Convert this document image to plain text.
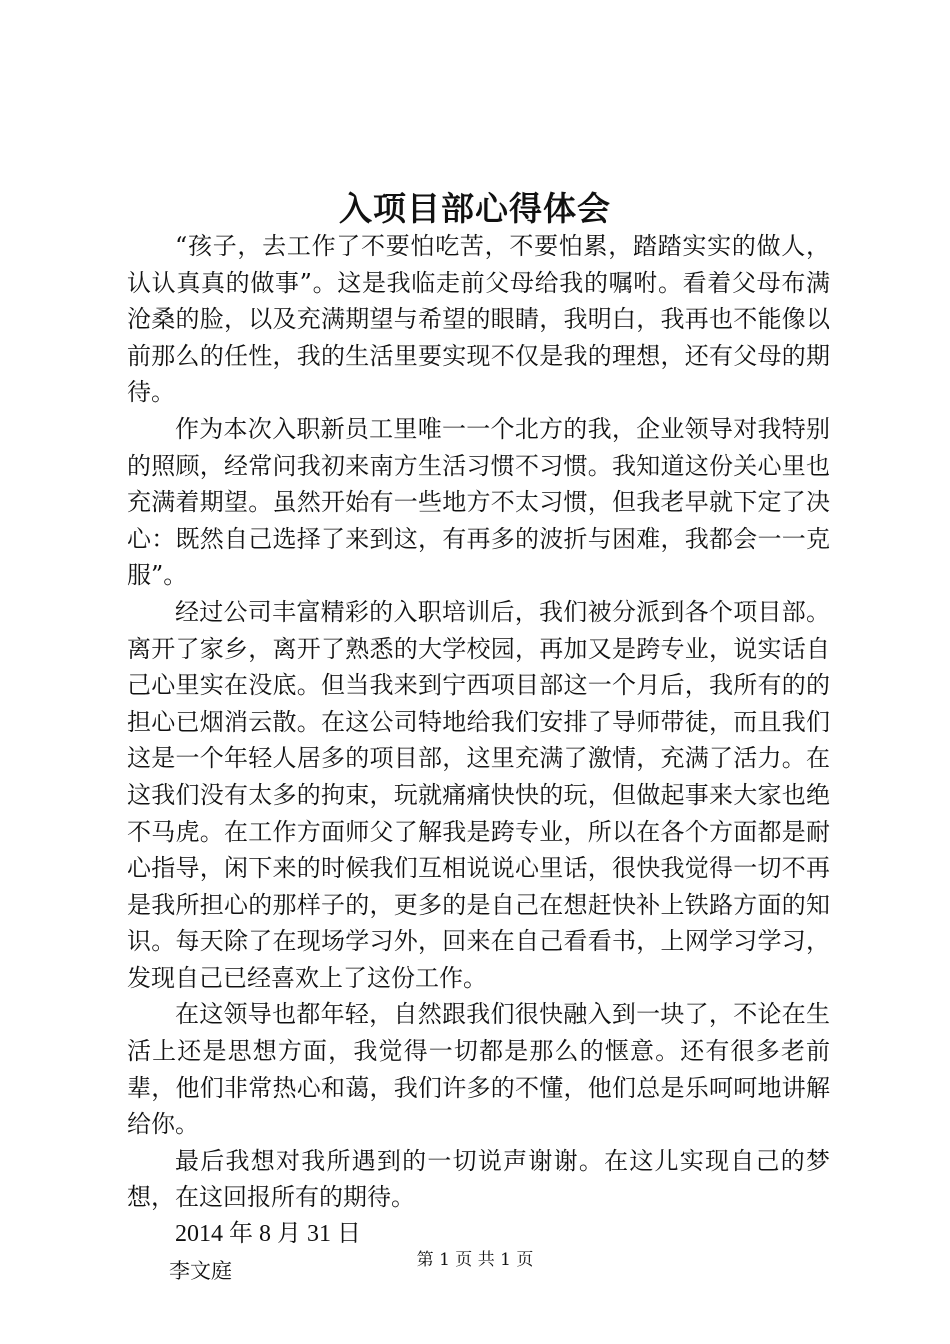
入项目部心得体会

“孩子，去工作了不要怕吃苦，不要怕累，踏踏实实的做人，认认真真的做事”。这是我临走前父母给我的嘱咐。看着父母布满沧桑的脸，以及充满期望与希望的眼睛，我明白，我再也不能像以前那么的任性，我的生活里要实现不仅是我的理想，还有父母的期待。

作为本次入职新员工里唯一一个北方的我，企业领导对我特别的照顾，经常问我初来南方生活习惯不习惯。我知道这份关心里也充满着期望。虽然开始有一些地方不太习惯，但我老早就下定了决心：既然自己选择了来到这，有再多的波折与困难，我都会一一克服”。

经过公司丰富精彩的入职培训后，我们被分派到各个项目部。离开了家乡，离开了熟悉的大学校园，再加又是跨专业，说实话自己心里实在没底。但当我来到宁西项目部这一个月后，我所有的的担心已烟消云散。在这公司特地给我们安排了导师带徒，而且我们这是一个年轻人居多的项目部，这里充满了激情，充满了活力。在这我们没有太多的拘束，玩就痛痛快快的玩，但做起事来大家也绝不马虎。在工作方面师父了解我是跨专业，所以在各个方面都是耐心指导，闲下来的时候我们互相说说心里话，很快我觉得一切不再是我所担心的那样子的，更多的是自己在想赶快补上铁路方面的知识。每天除了在现场学习外，回来在自己看看书，上网学习学习，发现自己已经喜欢上了这份工作。

在这领导也都年轻，自然跟我们很快融入到一块了，不论在生活上还是思想方面，我觉得一切都是那么的惬意。还有很多老前辈，他们非常热心和蔼，我们许多的不懂，他们总是乐呵呵地讲解给你。

最后我想对我所遇到的一切说声谢谢。在这儿实现自己的梦想，在这回报所有的期待。

2014 年 8 月 31 日
李文庭	第 1 页 共 1 页
